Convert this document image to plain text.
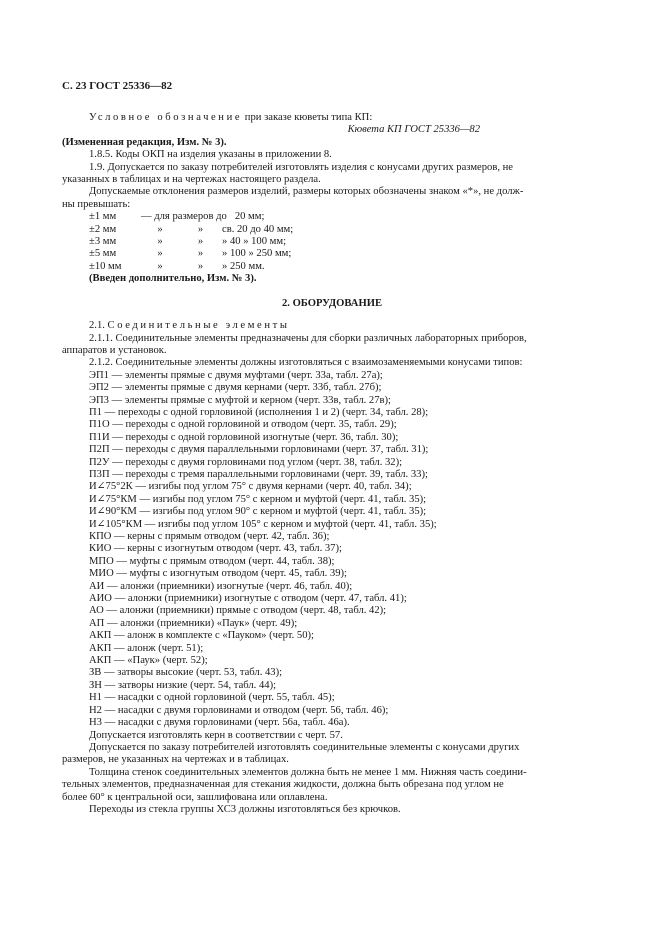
С. 23 ГОСТ 25336—82

Условное обозначение при заказе кюветы типа КП:

Кювета КП ГОСТ 25336—82

(Измененная редакция, Изм. № 3).

1.8.5. Коды ОКП на изделия указаны в приложении 8.

1.9. Допускается по заказу потребителей изготовлять изделия с конусами других размеров, не

указанных в таблицах и на чертежах настоящего раздела.

Допускаемые отклонения размеров изделий, размеры которых обозначены знаком «*», не долж-

ны превышать:

±1 мм	— для размеров до 20 мм;
±2 мм	»	»	св. 20 до 40 мм;
±3 мм	»	»	» 40 » 100 мм;
±5 мм	»	»	» 100 » 250 мм;
±10 мм	»	»	» 250 мм.

(Введен дополнительно, Изм. № 3).

2. ОБОРУДОВАНИЕ

2.1. Соединительные элементы

2.1.1. Соединительные элементы предназначены для сборки различных лабораторных приборов,

аппаратов и установок.

2.1.2. Соединительные элементы должны изготовляться с взаимозаменяемыми конусами типов:

ЭП1 — элементы прямые с двумя муфтами (черт. 33а, табл. 27а);

ЭП2 — элементы прямые с двумя кернами (черт. 33б, табл. 27б);

ЭП3 — элементы прямые с муфтой и керном (черт. 33в, табл. 27в);

П1 — переходы с одной горловиной (исполнения 1 и 2) (черт. 34, табл. 28);

П1О — переходы с одной горловиной и отводом (черт. 35, табл. 29);

П1И — переходы с одной горловиной изогнутые (черт. 36, табл. 30);

П2П — переходы с двумя параллельными горловинами (черт. 37, табл. 31);

П2У — переходы с двумя горловинами под углом (черт. 38, табл. 32);

П3П — переходы с тремя параллельными горловинами (черт. 39, табл. 33);

И∠75°2К — изгибы под углом 75° с двумя кернами (черт. 40, табл. 34);

И∠75°КМ — изгибы под углом 75° с керном и муфтой (черт. 41, табл. 35);

И∠90°КМ — изгибы под углом 90° с керном и муфтой (черт. 41, табл. 35);

И∠105°КМ — изгибы под углом 105° с керном и муфтой (черт. 41, табл. 35);

КПО — керны с прямым отводом (черт. 42, табл. 36);

КИО — керны с изогнутым отводом (черт. 43, табл. 37);

МПО — муфты с прямым отводом (черт. 44, табл. 38);

МИО — муфты с изогнутым отводом (черт. 45, табл. 39);

АИ — алонжи (приемники) изогнутые (черт. 46, табл. 40);

АИО — алонжи (приемники) изогнутые с отводом (черт. 47, табл. 41);

АО — алонжи (приемники) прямые с отводом (черт. 48, табл. 42);

АП — алонжи (приемники) «Паук» (черт. 49);

АКП — алонж в комплекте с «Пауком» (черт. 50);

АКП — алонж (черт. 51);

АКП — «Паук» (черт. 52);

ЗВ — затворы высокие (черт. 53, табл. 43);

ЗН — затворы низкие (черт. 54, табл. 44);

Н1 — насадки с одной горловиной (черт. 55, табл. 45);

Н2 — насадки с двумя горловинами и отводом (черт. 56, табл. 46);

Н3 — насадки с двумя горловинами (черт. 56а, табл. 46а).

Допускается изготовлять керн в соответствии с черт. 57.

Допускается по заказу потребителей изготовлять соединительные элементы с конусами других

размеров, не указанных на чертежах и в таблицах.

Толщина стенок соединительных элементов должна быть не менее 1 мм. Нижняя часть соедини-

тельных элементов, предназначенная для стекания жидкости, должна быть обрезана под углом не

более 60° к центральной оси, зашлифована или оплавлена.

Переходы из стекла группы ХС3 должны изготовляться без крючков.
